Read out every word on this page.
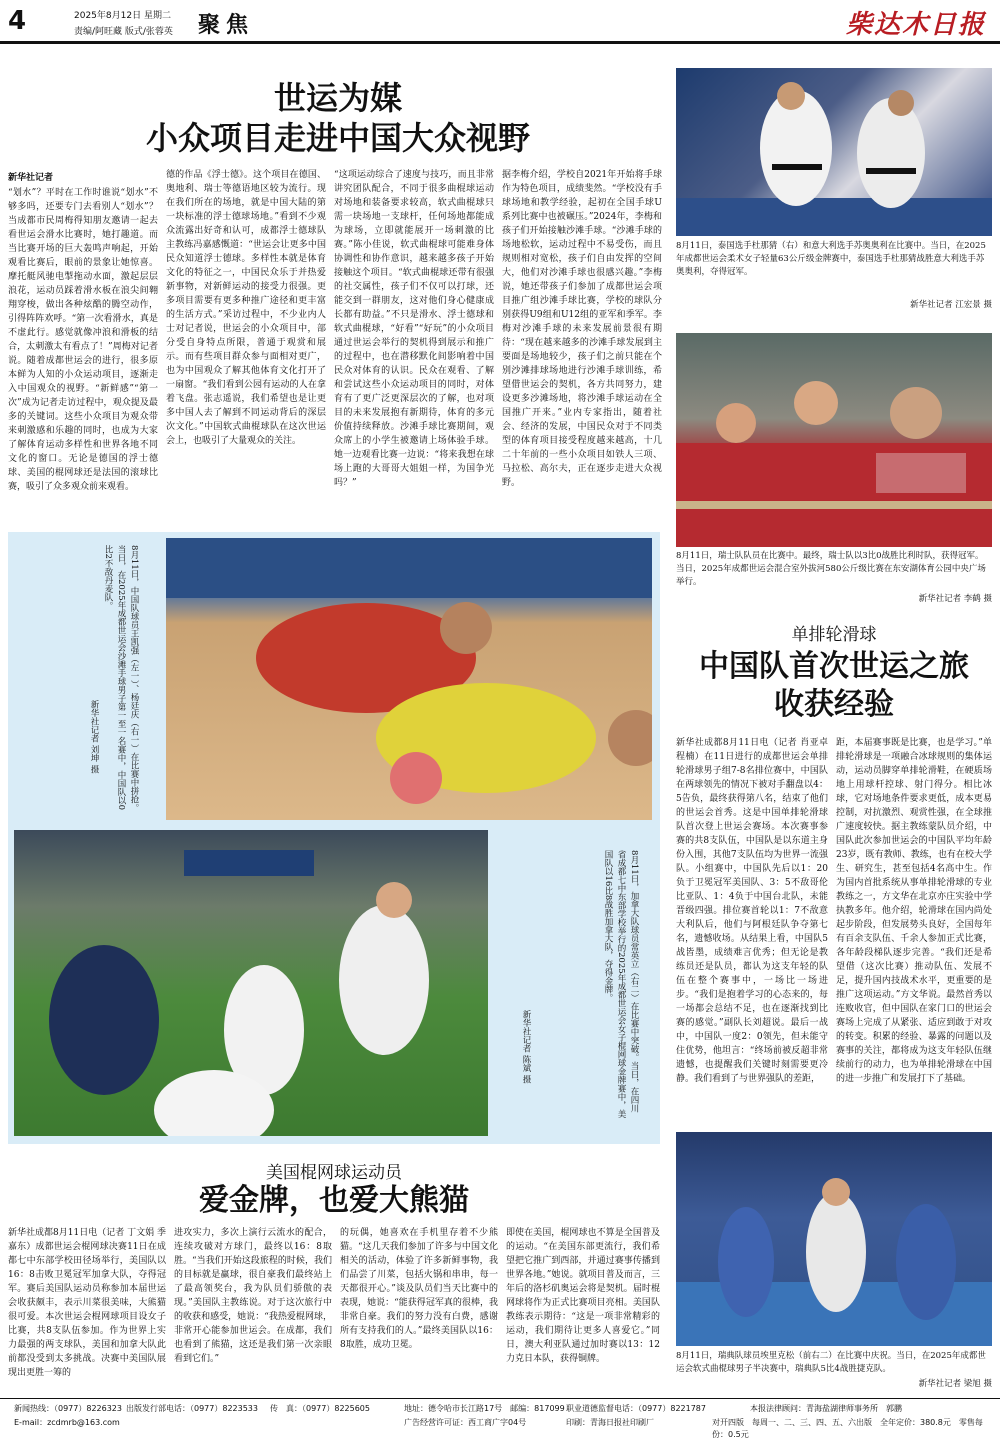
4	2025年8月12日 星期二
责编/阿旺藏 版式/张蓉英 聚焦	柴达木日报
世运为媒
小众项目走进中国大众视野
新华社记者
“划水”？平时在工作时谁说“划水”不够多吗，还要专门去看别人“划水”？当成都市民周梅得知朋友邀请一起去看世运会滑水比赛时，她打趣道。而当比赛开场的巨大轰鸣声响起，开始观看比赛后，眼前的景象让她惊喜。摩托艇风驰电掣拖动水面，激起层层浪花，运动员踩着滑水板在浪尖间翱翔穿梭，做出各种炫酷的腾空动作，引得阵阵欢呼。“第一次看滑水，真是不虚此行。感觉就像冲浪和滑板的结合，太刺激太有看点了！”周梅对记者说。随着成都世运会的进行，很多原本鲜为人知的小众运动项目，逐渐走入中国观众的视野。“新鲜感”“第一次”成为记者走访过程中，观众提及最多的关键词。这些小众项目为观众带来刺激感和乐趣的同时，也成为大家了解体育运动多样性和世界各地不同文化的窗口。无论是德国的浮士德球、美国的棍网球还是法国的滚球比赛，吸引了众多观众前来观看。
德的作品《浮士德》。这个项目在德国、奥地利、瑞士等德语地区较为流行。现在我们所在的场地，就是中国大陆的第一块标准的浮士德球场地。”看到不少观众流露出好奇和认可，成都浮士德球队主教练冯嘉感慨道：“世运会让更多中国民众知道浮士德球。多样性本就是体育文化的特征之一，中国民众乐于并热爱新事物，对新鲜运动的接受力很强。更多项目需要有更多种推广途径和更丰富的生活方式。”采访过程中，不少业内人士对记者说，世运会的小众项目中，部分受自身特点所限，普通于观赏和展示。而有些项目群众参与面相对更广，也为中国观众了解其他体育文化打开了一扇窗。“我们看到公园有运动的人在拿着飞盘。张志遥说，我们希望也是让更多中国人去了解到不同运动背后的深层次文化。”中国软式曲棍球队在这次世运会上，也吸引了大量观众的关注。
“这项运动综合了速度与技巧，而且非常讲究团队配合，不同于很多曲棍球运动对场地和装备要求较高，软式曲棍球只需一块场地一支球杆，任何场地都能成为球场，立即就能展开一场刺激的比赛。”陈小佳说，软式曲棍球可能难身体协调性和协作意识，越来越多孩子开始接触这个项目。“软式曲棍球还带有很强的社交属性，孩子们不仅可以打球，还能交到一群朋友，这对他们身心健康成长都有助益。”不只是滑水、浮士德球和软式曲棍球，“好看”“好玩”的小众项目通过世运会举行的契机得到展示和推广的过程中，也在潜移默化间影响着中国民众对体育的认识。民众在观看、了解和尝试这些小众运动项目的同时，对体育有了更广泛更深层次的了解，也对项目的未来发展抱有新期待，体育的多元价值持续释放。沙滩手球比赛期间，观众席上的小学生被邀请上场体验手球。她一边观看比赛一边说：“将来我想在球场上跑的大哥哥大姐姐一样，为国争光吗？”
据李梅介绍，学校自2021年开始将手球作为特色项目，成绩斐然。“学校没有手球场地和教学经验，起初在全国手球U系列比赛中也被碾压。”2024年，李梅和孩子们开始接触沙滩手球。“沙滩手球的场地松软，运动过程中不易受伤，而且规则相对宽松，孩子们自由发挥的空间大，他们对沙滩手球也很感兴趣。”李梅说，她还带孩子们参加了成都世运会项目推广组沙滩手球比赛，学校的球队分别获得U9组和U12组的亚军和季军。李梅对沙滩手球的未来发展前景很有期待：“现在越来越多的沙滩手球发展到主要面是场地较少，孩子们之前只能在个别沙滩排球场地进行沙滩手球训练，希望借世运会的契机，各方共同努力，建设更多沙滩场地，将沙滩手球运动在全国推广开来。”业内专家指出，随着社会、经济的发展，中国民众对于不同类型的体育项目接受程度越来越高，十几二十年前的一些小众项目如铁人三项、马拉松、高尔夫，正在逐步走进大众视野。
8月11日，泰国选手杜那猜（右）和意大利选手苏奥奥利在比赛中。当日，在2025年成都世运会柔术女子轻量63公斤级金牌赛中，泰国选手杜那猜战胜意大利选手苏奥奥利，夺得冠军。
新华社记者 江宏景 摄
8月11日，瑞士队队员在比赛中。最终，瑞士队以3比0战胜比利时队，获得冠军。当日，2025年成都世运会混合室外拔河580公斤级比赛在东安湖体育公园中央广场举行。
新华社记者 李鹤 摄
8月11日，中国队球员王凯强（左一）、杨廷庆（右一）在比赛中拼抢。当日，在2025年成都世运会沙滩手球男子第一至一名赛中，中国队以0比2不敌丹麦队。
新华社记者 刘坤 摄
8月11日，加拿大队球员常英立（右二）在比赛中突破。当日，在四川省成都七中东部学校举行的2025年成都世运会女子棍网球金牌赛中，美国队以16比8战胜加拿大队，夺得金牌。
新华社记者 陈斌 摄
单排轮滑球
中国队首次世运之旅
收获经验
新华社成都8月11日电（记者 肖亚卓 程楠）在11日进行的成都世运会单排轮滑球男子组7-8名排位赛中，中国队在两球领先的情况下被对手翻盘以4：5告负，最终获得第八名，结束了他们的世运会首秀。这是中国单排轮滑球队首次登上世运会赛场。本次赛事参赛的共8支队伍，中国队是以东道主身份入围，其他7支队伍均为世界一流强队。小组赛中，中国队先后以1：20负于卫冕冠军美国队、3：5不敌哥伦比亚队、1：4负于中国台北队，未能晋级四强。排位赛首轮以1：7不敌意大利队后，他们与阿根廷队争夺第七名，遗憾收场。从结果上看，中国队5战皆墨，成绩难言优秀；但无论是教练员还是队员，都认为这支年轻的队伍在整个赛事中，一场比一场进步。“我们是抱着学习的心态来的，每一场都会总结不足，也在逐渐找到比赛的感觉。”副队长刘超说。最后一战中，中国队一度2：0领先，但未能守住优势，他坦言：“终场前被反超非常遗憾，也提醒我们关键时刻需要更冷静。我们看到了与世界强队的差距，
距，本届赛事既是比赛，也是学习。”单排轮滑球是一项融合冰球规则的集体运动，运动员脚穿单排轮滑鞋，在硬质场地上用球杆控球、射门得分。相比冰球，它对场地条件要求更低，成本更易控制，对抗激烈、观赏性强，在全球推广速度较快。据主教练蒙队员介绍，中国队此次参加世运会的中国队平均年龄23岁，既有教师、教练，也有在校大学生、研究生，甚至包括4名高中生。作为国内首批系统从事单排轮滑球的专业教练之一，方文华在北京亦庄实验中学执教多年。他介绍，轮滑球在国内尚处起步阶段，但发展势头良好，全国每年有百余支队伍、千余人参加正式比赛，各年龄段梯队逐步完善。“我们还是希望借（这次比赛）推动队伍、发展不足，提升国内技战术水平，更重要的是推广这项运动。”方文华说。最然首秀以连败收官，但中国队在家门口的世运会赛场上完成了从紧张、适应到敢于对攻的转变。积累的经验、暴露的问题以及赛事的关注，都将成为这支年轻队伍继续前行的动力，也为单排轮滑球在中国的进一步推广和发展打下了基础。
8月11日，瑞典队球员埃里克松（前右二）在比赛中庆祝。当日，在2025年成都世运会软式曲棍球男子半决赛中，瑞典队5比4战胜捷克队。
新华社记者 梁旭 摄
美国棍网球运动员
爱金牌，也爱大熊猫
新华社成都8月11日电（记者 丁文娟 季嘉东）成都世运会棍网球决赛11日在成都七中东部学校田径场举行，美国队以16：8击败卫冕冠军加拿大队，夺得冠军。赛后美国队运动员称参加本届世运会收获颇丰，表示川菜很美味，大熊猫很可爱。本次世运会棍网球项目设女子比赛，共8支队伍参加。作为世界上实力最强的两支球队，美国和加拿大队此前都没受到太多挑战。决赛中美国队展现出更胜一筹的
进攻实力，多次上演行云流水的配合，连续攻破对方球门，最终以16：8取胜。“当我们开始这段旅程的时候，我们的目标就是赢球，很自豪我们最终站上了最高领奖台，我为队员们骄傲的表现。”美国队主教练说。对于这次旅行中的收获和感受，她说：“我热爱棍网球，非常开心能参加世运会。在成都，我们也看到了熊猫，这还是我们第一次亲眼看到它们。”
的玩偶，她喜欢在手机里存着不少熊猫。“这几天我们参加了许多与中国文化相关的活动，体验了许多新鲜事物，我们品尝了川菜，包括火锅和串串，每一天都很开心。”谈及队员们当天比赛中的表现，她说：“能获得冠军真的很棒，我非常自豪。我们的努力没有白费，感谢所有支持我们的人。”最终美国队以16：8取胜，成功卫冕。
即使在美国，棍网球也不算是全国普及的运动。“在美国东部更流行，我们希望把它推广到西部，并通过赛事传播到世界各地。”她说。就项目普及而言，三年后的洛杉矶奥运会将是契机。届时棍网球将作为正式比赛项目亮相。美国队教练表示期待：“这是一项非常精彩的运动，我们期待让更多人喜爱它。”同日，澳大利亚队通过加时赛以13：12力克日本队，获得铜牌。
新闻热线：（0977）8226323
E-mail：zcdmrb@163.com
出版发行部电话：（0977）8223533 传　真：（0977）8225605	地址：德令哈市长江路17号　邮编：817099
广告经营许可证：西工商广字04号
职业道德监督电话：（0977）8221787
印刷：青海日报社印刷厂
本报法律顾问：青海盐湖律师事务所　郭鹏
对开四版　每周一、二、三、四、五、六出版　全年定价：380.8元　零售每份：0.5元
